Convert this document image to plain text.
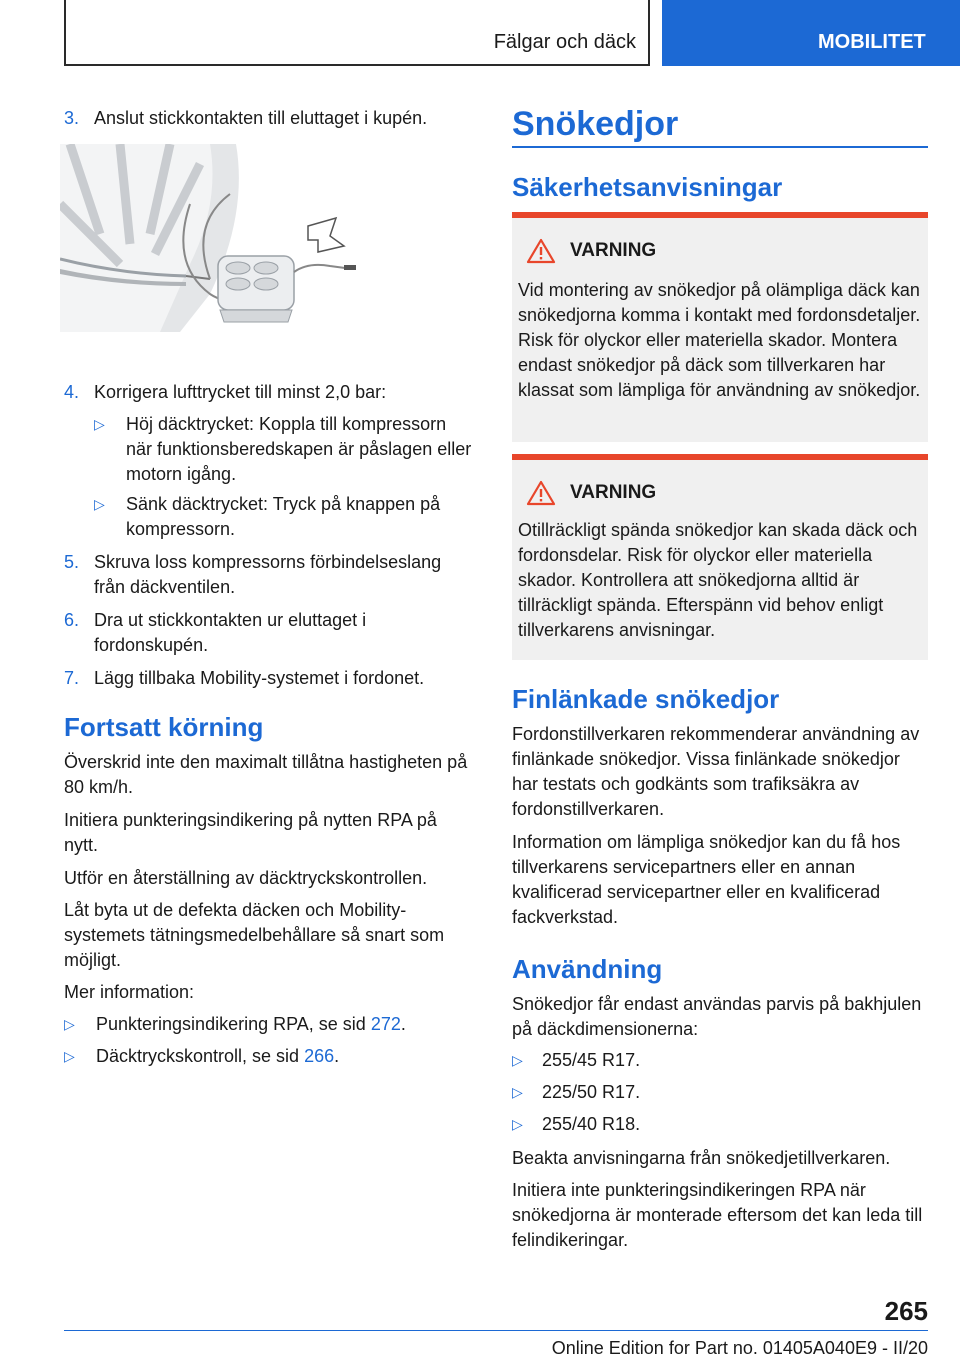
Fälgar och däck	MOBILITET
3. Anslut stickkontakten till eluttaget i kupén.
4. Korrigera lufttrycket till minst 2,0 bar:
▷ Höj däcktrycket: Koppla till kompressorn när funktionsberedskapen är påslagen eller motorn igång.
▷ Sänk däcktrycket: Tryck på knappen på kompressorn.
5. Skruva loss kompressorns förbindelseslang från däckventilen.
6. Dra ut stickkontakten ur eluttaget i fordonskupén.
7. Lägg tillbaka Mobility-systemet i fordonet.
Fortsatt körning
Överskrid inte den maximalt tillåtna hastigheten på 80 km/h.
Initiera punkteringsindikering på nytten RPA på nytt.
Utför en återställning av däcktryckskontrollen.
Låt byta ut de defekta däcken och Mobility-systemets tätningsmedelbehållare så snart som möjligt.
Mer information:
▷ Punkteringsindikering RPA, se sid 272.
▷ Däcktryckskontroll, se sid 266.
Snökedjor
Säkerhetsanvisningar
VARNING
Vid montering av snökedjor på olämpliga däck kan snökedjorna komma i kontakt med fordonsdetaljer. Risk för olyckor eller materiella skador. Montera endast snökedjor på däck som tillverkaren har klassat som lämpliga för användning av snökedjor.
VARNING
Otillräckligt spända snökedjor kan skada däck och fordonsdelar. Risk för olyckor eller materiella skador. Kontrollera att snökedjorna alltid är tillräckligt spända. Efterspänn vid behov enligt tillverkarens anvisningar.
Finlänkade snökedjor
Fordonstillverkaren rekommenderar användning av finlänkade snökedjor. Vissa finlänkade snökedjor har testats och godkänts som trafiksäkra av fordonstillverkaren.
Information om lämpliga snökedjor kan du få hos tillverkarens servicepartners eller en annan kvalificerad servicepartner eller en kvalificerad fackverkstad.
Användning
Snökedjor får endast användas parvis på bakhjulen på däckdimensionerna:
▷ 255/45 R17.
▷ 225/50 R17.
▷ 255/40 R18.
Beakta anvisningarna från snökedjetillverkaren.
Initiera inte punkteringsindikeringen RPA när snökedjorna är monterade eftersom det kan leda till felindikeringar.
265
Online Edition for Part no. 01405A040E9 - II/20
